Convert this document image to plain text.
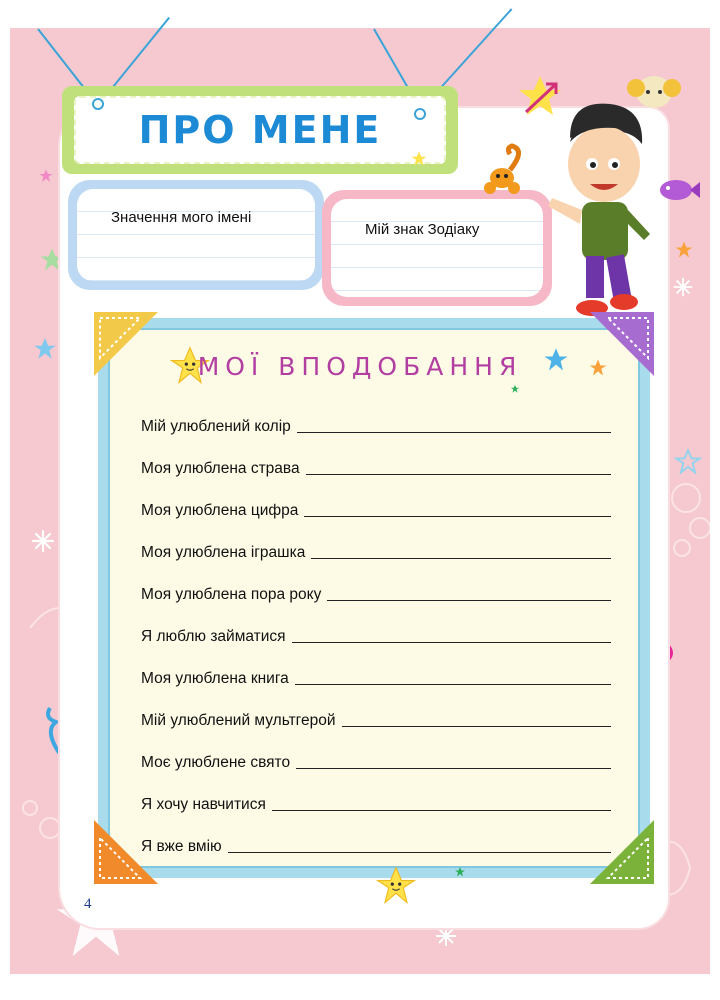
ПРО МЕНЕ
Значення мого імені
Мій знак Зодіаку
МОЇ ВПОДОБАННЯ
Мій улюблений колір
Моя улюблена страва
Моя улюблена цифра
Моя улюблена іграшка
Моя улюблена пора року
Я люблю займатися
Моя улюблена книга
Мій улюблений мультгерой
Моє улюблене свято
Я хочу навчитися
Я вже вмію
4
